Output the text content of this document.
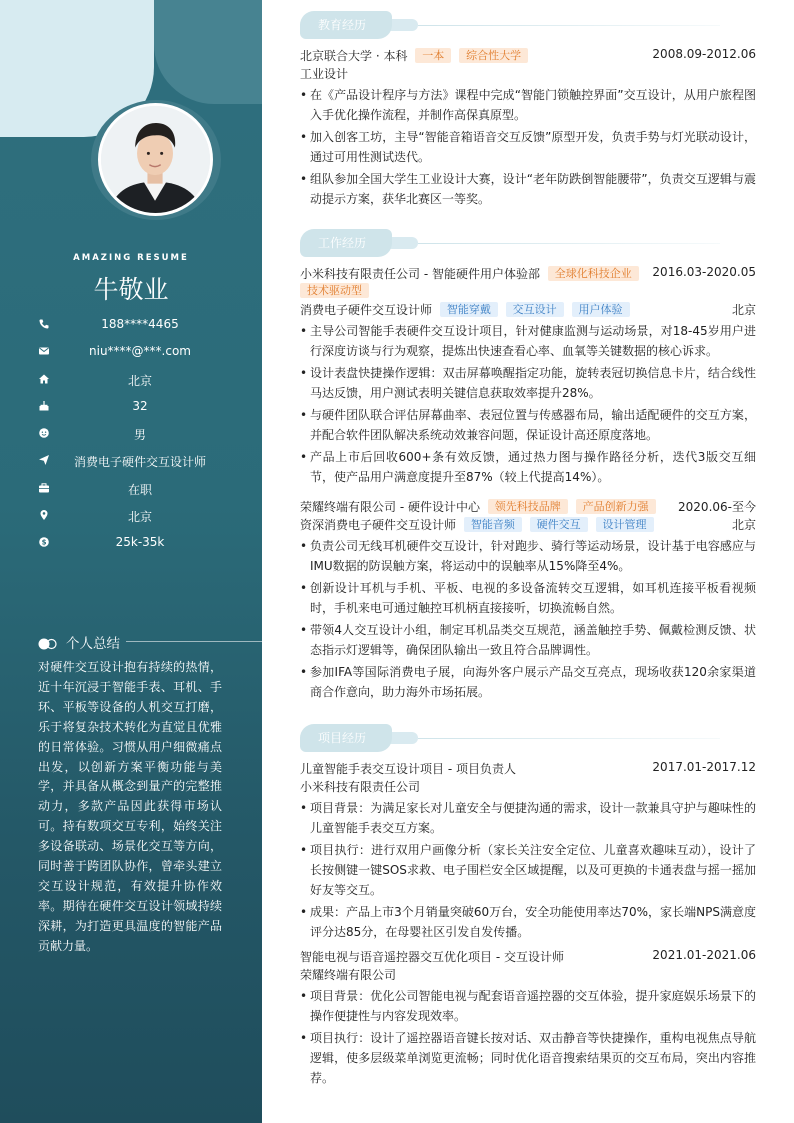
AMAZING RESUME
牛敬业
188****4465
niu****@***.com
北京
32
男
消费电子硬件交互设计师
在职
北京
$	25k-35k
个人总结
对硬件交互设计抱有持续的热情，近十年沉浸于智能手表、耳机、手环、平板等设备的人机交互打磨，乐于将复杂技术转化为直觉且优雅的日常体验。习惯从用户细微痛点出发，以创新方案平衡功能与美学，并具备从概念到量产的完整推动力，多款产品因此获得市场认可。持有数项交互专利，始终关注多设备联动、场景化交互等方向，同时善于跨团队协作，曾牵头建立交互设计规范，有效提升协作效率。期待在硬件交互设计领域持续深耕，为打造更具温度的智能产品贡献力量。
教育经历
北京联合大学 · 本科 一本 综合性大学	2008.09-2012.06
工业设计
• 在《产品设计程序与方法》课程中完成“智能门锁触控界面”交互设计，从用户旅程图入手优化操作流程，并制作高保真原型。
• 加入创客工坊，主导“智能音箱语音交互反馈”原型开发，负责手势与灯光联动设计，通过可用性测试迭代。
• 组队参加全国大学生工业设计大赛，设计“老年防跌倒智能腰带”，负责交互逻辑与震动提示方案，获华北赛区一等奖。
工作经历
小米科技有限责任公司 - 智能硬件用户体验部 全球化科技企业 2016.03-2020.05
技术驱动型
消费电子硬件交互设计师 智能穿戴 交互设计 用户体验	北京
• 主导公司智能手表硬件交互设计项目，针对健康监测与运动场景，对18-45岁用户进行深度访谈与行为观察，提炼出快速查看心率、血氧等关键数据的核心诉求。
• 设计表盘快捷操作逻辑：双击屏幕唤醒指定功能，旋转表冠切换信息卡片，结合线性马达反馈，用户测试表明关键信息获取效率提升28%。
• 与硬件团队联合评估屏幕曲率、表冠位置与传感器布局，输出适配硬件的交互方案，并配合软件团队解决系统动效兼容问题，保证设计高还原度落地。
• 产品上市后回收600+条有效反馈，通过热力图与操作路径分析，迭代3版交互细节，使产品用户满意度提升至87%（较上代提高14%）。
荣耀终端有限公司 - 硬件设计中心 领先科技品牌 产品创新力强 2020.06-至今
资深消费电子硬件交互设计师 智能音频 硬件交互 设计管理	北京
• 负责公司无线耳机硬件交互设计，针对跑步、骑行等运动场景，设计基于电容感应与IMU数据的防误触方案，将运动中的误触率从15%降至4%。
• 创新设计耳机与手机、平板、电视的多设备流转交互逻辑，如耳机连接平板看视频时，手机来电可通过触控耳机柄直接接听，切换流畅自然。
• 带领4人交互设计小组，制定耳机品类交互规范，涵盖触控手势、佩戴检测反馈、状态指示灯逻辑等，确保团队输出一致且符合品牌调性。
• 参加IFA等国际消费电子展，向海外客户展示产品交互亮点，现场收获120余家渠道商合作意向，助力海外市场拓展。
项目经历
儿童智能手表交互设计项目 - 项目负责人	2017.01-2017.12
小米科技有限责任公司
• 项目背景：为满足家长对儿童安全与便捷沟通的需求，设计一款兼具守护与趣味性的儿童智能手表交互方案。
• 项目执行：进行双用户画像分析（家长关注安全定位、儿童喜欢趣味互动），设计了长按侧键一键SOS求救、电子围栏安全区域提醒，以及可更换的卡通表盘与摇一摇加好友等交互。
• 成果：产品上市3个月销量突破60万台，安全功能使用率达70%，家长端NPS满意度评分达85分，在母婴社区引发自发传播。
智能电视与语音遥控器交互优化项目 - 交互设计师	2021.01-2021.06
荣耀终端有限公司
• 项目背景：优化公司智能电视与配套语音遥控器的交互体验，提升家庭娱乐场景下的操作便捷性与内容发现效率。
• 项目执行：设计了遥控器语音键长按对话、双击静音等快捷操作，重构电视焦点导航逻辑，使多层级菜单浏览更流畅；同时优化语音搜索结果页的交互布局，突出内容推荐。
